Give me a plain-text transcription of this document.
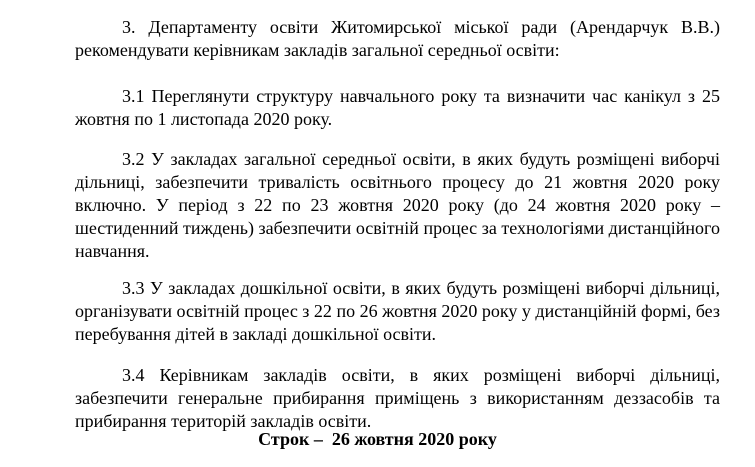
3. Департаменту освіти Житомирської міської ради (Арендарчук В.В.) рекомендувати керівникам закладів загальної середньої освіти:

3.1 Переглянути структуру навчального року та визначити час канікул з 25 жовтня по 1 листопада 2020 року.

3.2 У закладах загальної середньої освіти, в яких будуть розміщені виборчі дільниці, забезпечити тривалість освітнього процесу до 21 жовтня 2020 року включно. У період з 22 по 23 жовтня 2020 року (до 24 жовтня 2020 року – шестиденний тиждень) забезпечити освітній процес за технологіями дистанційного навчання.

3.3 У закладах дошкільної освіти, в яких будуть розміщені виборчі дільниці, організувати освітній процес з 22 по 26 жовтня 2020 року у дистанційній формі, без перебування дітей в закладі дошкільної освіти.

3.4 Керівникам закладів освіти, в яких розміщені виборчі дільниці, забезпечити генеральне прибирання приміщень з використанням деззасобів та прибирання територій закладів освіти.

Строк –  26 жовтня 2020 року
